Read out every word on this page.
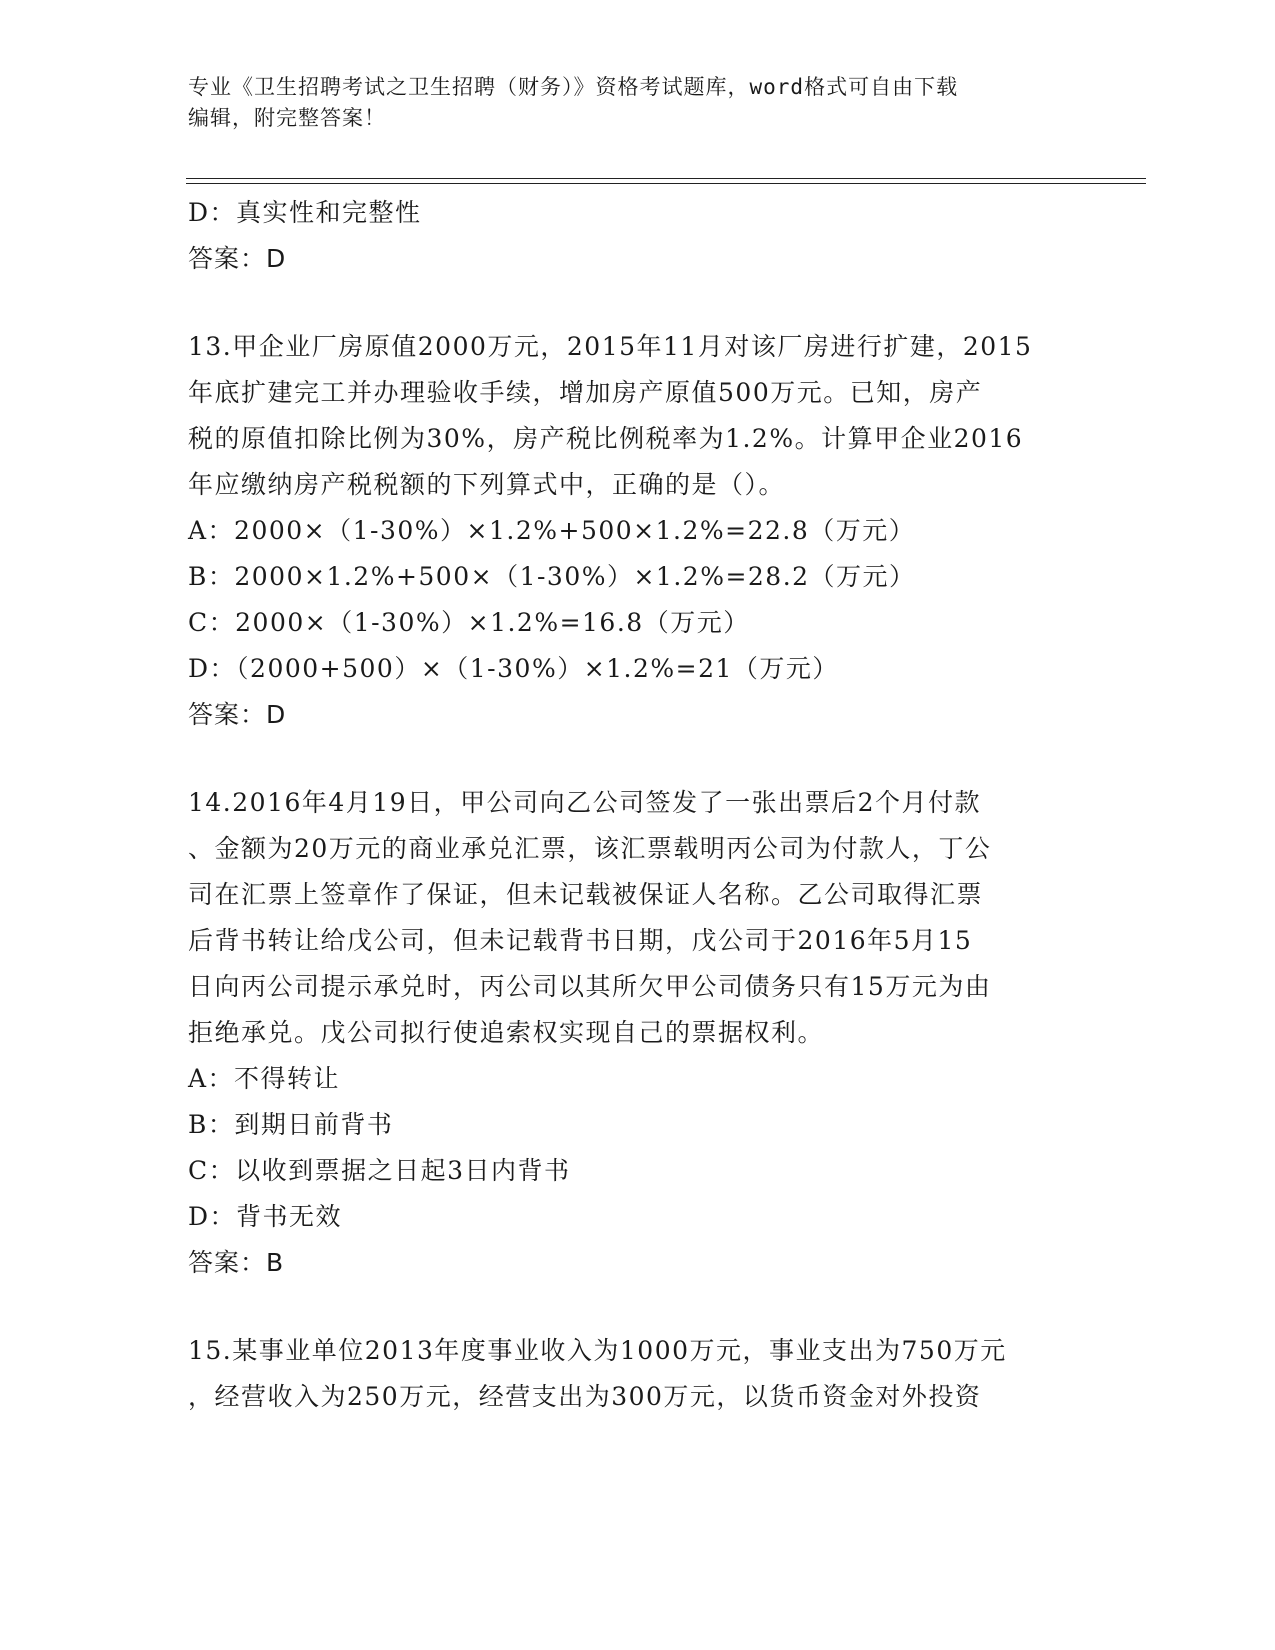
专业《卫生招聘考试之卫生招聘（财务）》资格考试题库，word格式可自由下载
编辑，附完整答案！
D：真实性和完整性
答案：D
13.甲企业厂房原值2000万元，2015年11月对该厂房进行扩建，2015
年底扩建完工并办理验收手续，增加房产原值500万元。已知，房产
税的原值扣除比例为30%，房产税比例税率为1.2%。计算甲企业2016
年应缴纳房产税税额的下列算式中，正确的是（）。
A：2000×（1-30%）×1.2%+500×1.2%=22.8（万元）
B：2000×1.2%+500×（1-30%）×1.2%=28.2（万元）
C：2000×（1-30%）×1.2%=16.8（万元）
D：（2000+500）×（1-30%）×1.2%=21（万元）
答案：D
14.2016年4月19日，甲公司向乙公司签发了一张出票后2个月付款
、金额为20万元的商业承兑汇票，该汇票载明丙公司为付款人，丁公
司在汇票上签章作了保证，但未记载被保证人名称。乙公司取得汇票
后背书转让给戊公司，但未记载背书日期，戊公司于2016年5月15
日向丙公司提示承兑时，丙公司以其所欠甲公司债务只有15万元为由
拒绝承兑。戊公司拟行使追索权实现自己的票据权利。
A：不得转让
B：到期日前背书
C：以收到票据之日起3日内背书
D：背书无效
答案：B
15.某事业单位2013年度事业收入为1000万元，事业支出为750万元
，经营收入为250万元，经营支出为300万元，以货币资金对外投资
